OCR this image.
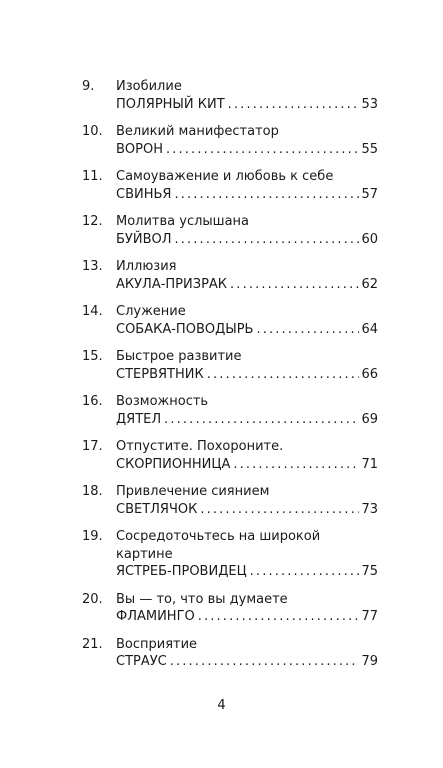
9. Изобилие
ПОЛЯРНЫЙ КИТ . . .	53
10. Великий манифестатор
ВОРОН . . .	55
11. Самоуважение и любовь к себе
СВИНЬЯ . . .	57
12. Молитва услышана
БУЙВОЛ . . .	60
13. Иллюзия
АКУЛА-ПРИЗРАК . . .	62
14. Служение
СОБАКА-ПОВОДЫРЬ . . .	64
15. Быстрое развитие
СТЕРВЯТНИК . . .	66
16. Возможность
ДЯТЕЛ . . .	69
17. Отпустите. Похороните.
СКОРПИОННИЦА . . .	71
18. Привлечение сиянием
СВЕТЛЯЧОК . . .	73
19. Сосредоточьтесь на широкой картине
ЯСТРЕБ-ПРОВИДЕЦ . . .	75
20. Вы — то, что вы думаете
ФЛАМИНГО . . .	77
21. Восприятие
СТРАУС . . .	79
4
